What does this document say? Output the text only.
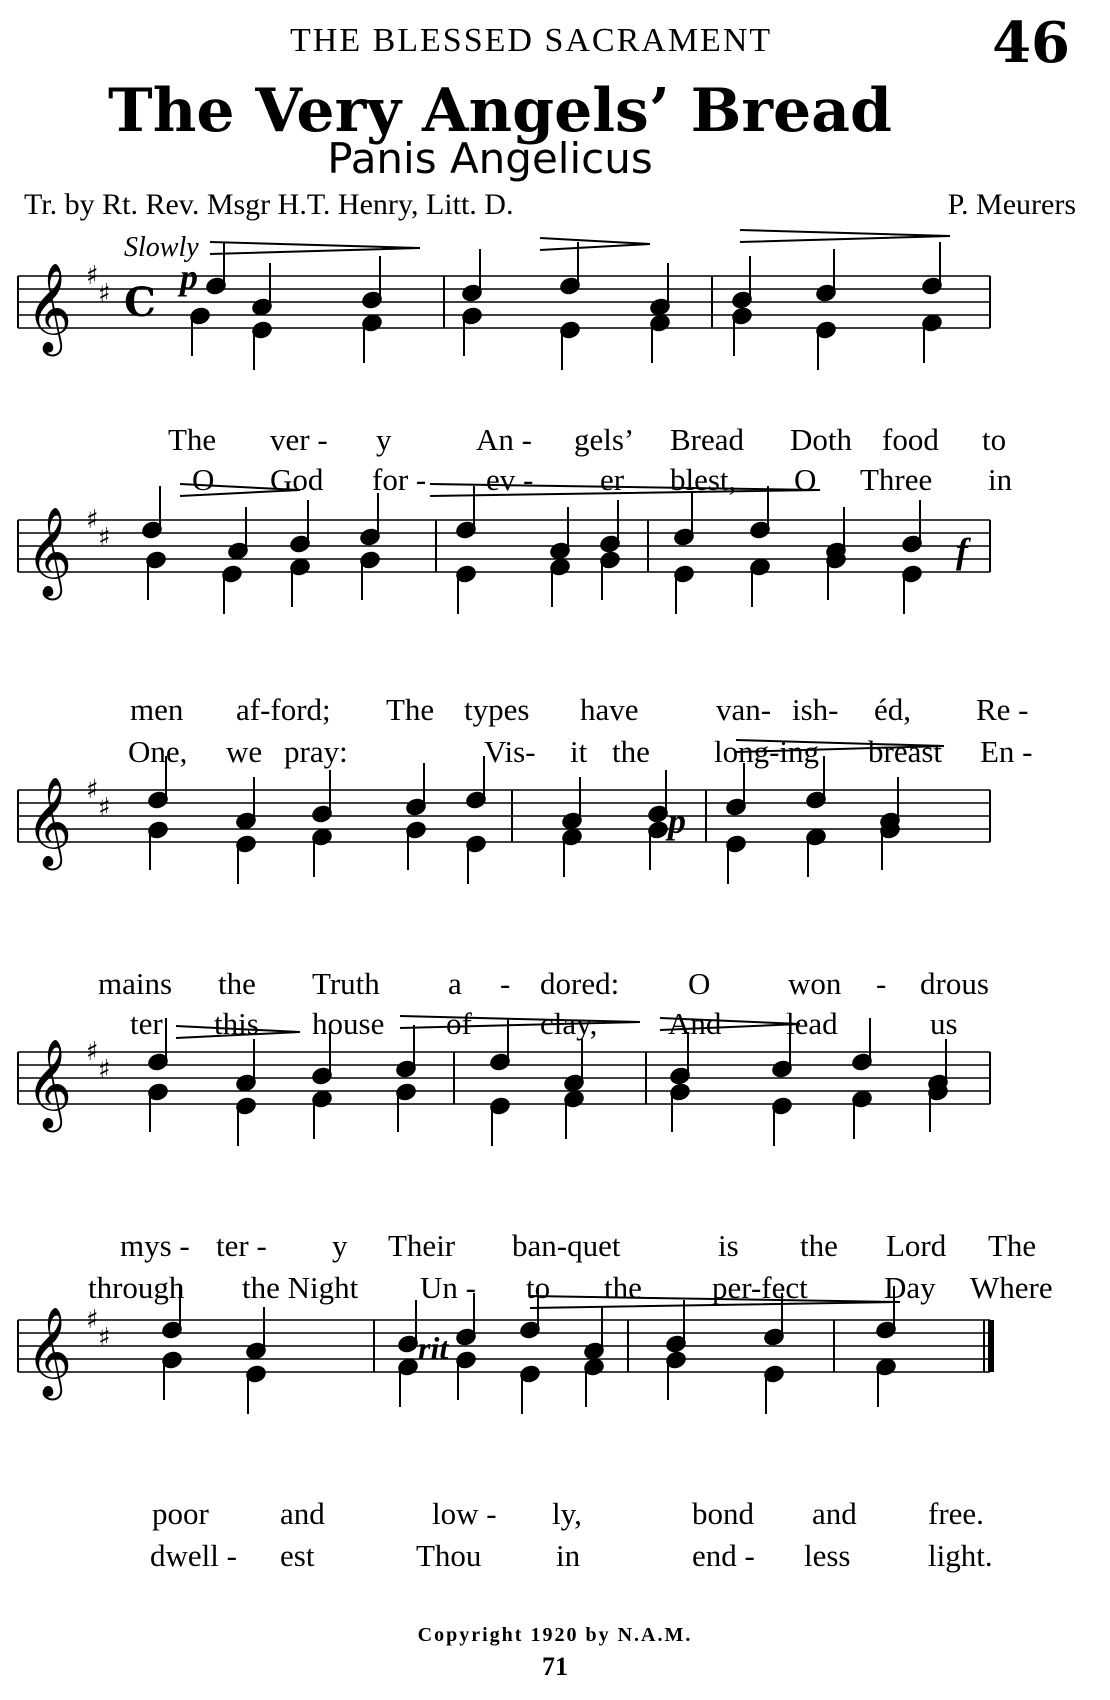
THE BLESSED SACRAMENT	46
The Very Angels’ Bread
Panis Angelicus
Tr. by Rt. Rev. Msgr H.T. Henry, Litt. D.	P. Meurers
Slowly
p
f
p
rit
𝄞 ♯
♯ C
𝄞 ♯
♯
𝄞 ♯
♯
𝄞 ♯
♯
𝄞 ♯
♯
The ver - y	An - gels’ Bread Doth food to
O God for - ev - er blest, O Three in
men af-ford; The types have van- ish- éd, Re -
One, we pray:	Vis- it the long-ing breast En -
mains the Truth a - dored: O	won - drous
ter this house of clay, And lead	us
mys - ter - y Their ban-quet	is the Lord The
through the Night Un - to the per-fect Day Where
poor and	low - ly,	bond and free.
dwell - est	Thou in	end - less	light.
Copyright 1920 by N.A.M.
71
